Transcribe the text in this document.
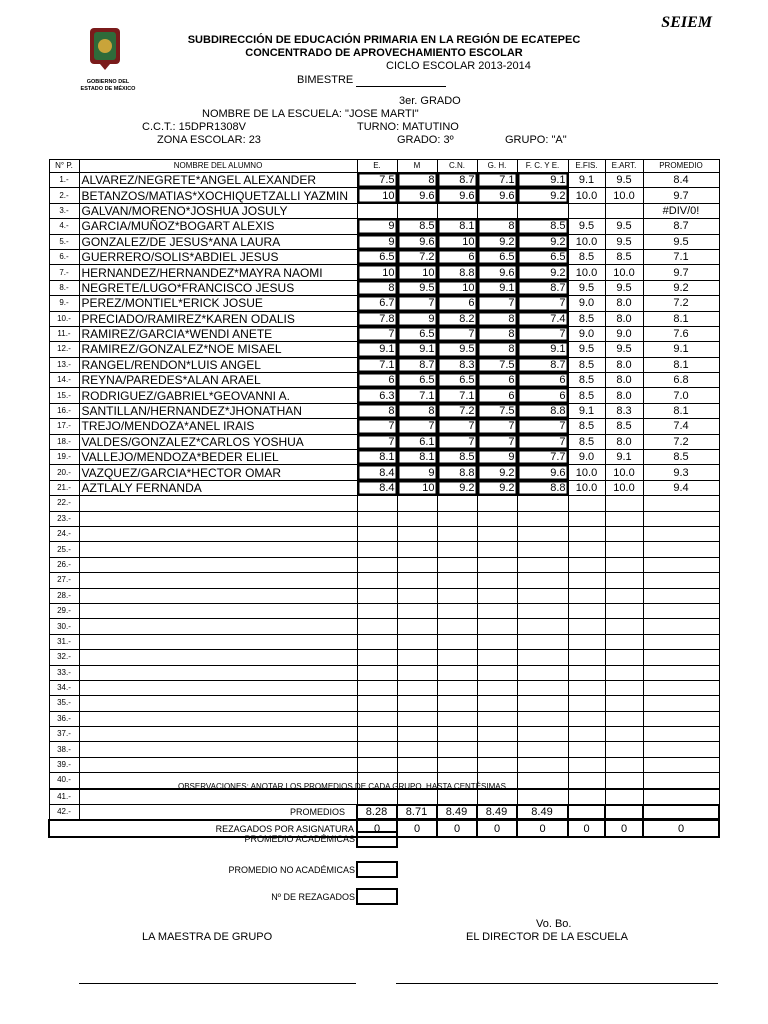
SEIEM
GOBIERNO DEL
ESTADO DE MÉXICO
SUBDIRECCIÓN DE EDUCACIÓN PRIMARIA EN LA REGIÓN DE ECATEPEC
CONCENTRADO DE APROVECHAMIENTO ESCOLAR
CICLO ESCOLAR 2013-2014
BIMESTRE
3er. GRADO
NOMBRE DE LA ESCUELA: "JOSE MARTI"
C.C.T.: 15DPR1308V	TURNO: MATUTINO
ZONA ESCOLAR: 23	GRADO: 3º	GRUPO: "A"
N° P.	NOMBRE DEL ALUMNO	E.	M	C.N.	G. H.	F. C. Y E.	E.FIS.	E.ART.	PROMEDIO
1.-	ALVAREZ/NEGRETE*ANGEL ALEXANDER	7.5	8	8.7	7.1	9.1	9.1	9.5	8.4
2.-	BETANZOS/MATIAS*XOCHIQUETZALLI YAZMIN	10	9.6	9.6	9.6	9.2	10.0	10.0	9.7
3.-	GALVAN/MORENO*JOSHUA JOSULY								#DIV/0!
4.-	GARCIA/MUÑOZ*BOGART ALEXIS	9	8.5	8.1	8	8.5	9.5	9.5	8.7
5.-	GONZALEZ/DE JESUS*ANA LAURA	9	9.6	10	9.2	9.2	10.0	9.5	9.5
6.-	GUERRERO/SOLIS*ABDIEL JESUS	6.5	7.2	6	6.5	6.5	8.5	8.5	7.1
7.-	HERNANDEZ/HERNANDEZ*MAYRA NAOMI	10	10	8.8	9.6	9.2	10.0	10.0	9.7
8.-	NEGRETE/LUGO*FRANCISCO JESUS	8	9.5	10	9.1	8.7	9.5	9.5	9.2
9.-	PEREZ/MONTIEL*ERICK JOSUE	6.7	7	6	7	7	9.0	8.0	7.2
10.-	PRECIADO/RAMIREZ*KAREN ODALIS	7.8	9	8.2	8	7.4	8.5	8.0	8.1
11.-	RAMIREZ/GARCIA*WENDI ANETE	7	6.5	7	8	7	9.0	9.0	7.6
12.-	RAMIREZ/GONZALEZ*NOE MISAEL	9.1	9.1	9.5	8	9.1	9.5	9.5	9.1
13.-	RANGEL/RENDON*LUIS ANGEL	7.1	8.7	8.3	7.5	8.7	8.5	8.0	8.1
14.-	REYNA/PAREDES*ALAN ARAEL	6	6.5	6.5	6	6	8.5	8.0	6.8
15.-	RODRIGUEZ/GABRIEL*GEOVANNI A.	6.3	7.1	7.1	6	6	8.5	8.0	7.0
16.-	SANTILLAN/HERNANDEZ*JHONATHAN	8	8	7.2	7.5	8.8	9.1	8.3	8.1
17.-	TREJO/MENDOZA*ANEL IRAIS	7	7	7	7	7	8.5	8.5	7.4
18.-	VALDES/GONZALEZ*CARLOS YOSHUA	7	6.1	7	7	7	8.5	8.0	7.2
19.-	VALLEJO/MENDOZA*BEDER ELIEL	8.1	8.1	8.5	9	7.7	9.0	9.1	8.5
20.-	VAZQUEZ/GARCIA*HECTOR OMAR	8.4	9	8.8	9.2	9.6	10.0	10.0	9.3
21.-	AZTLALY FERNANDA	8.4	10	9.2	9.2	8.8	10.0	10.0	9.4
22.-									
23.-									
24.-									
25.-									
26.-									
27.-									
28.-									
29.-									
30.-									
31.-									
32.-									
33.-									
34.-									
35.-									
36.-									
37.-									
38.-									
39.-									
40.-									
41.-									
42.-									
REZAGADOS POR ASIGNATURA		0	0	0	0	0	0	0	0
OBSERVACIONES: ANOTAR LOS PROMEDIOS DE CADA GRUPO, HASTA CENTÉSIMAS.
PROMEDIOS 8.28	8.71	8.49	8.49	8.49			
PROMEDIO ACADÉMICAS
PROMEDIO NO ACADÉMICAS
Nº DE REZAGADOS
Vo. Bo.
LA MAESTRA DE GRUPO	EL DIRECTOR DE LA ESCUELA
